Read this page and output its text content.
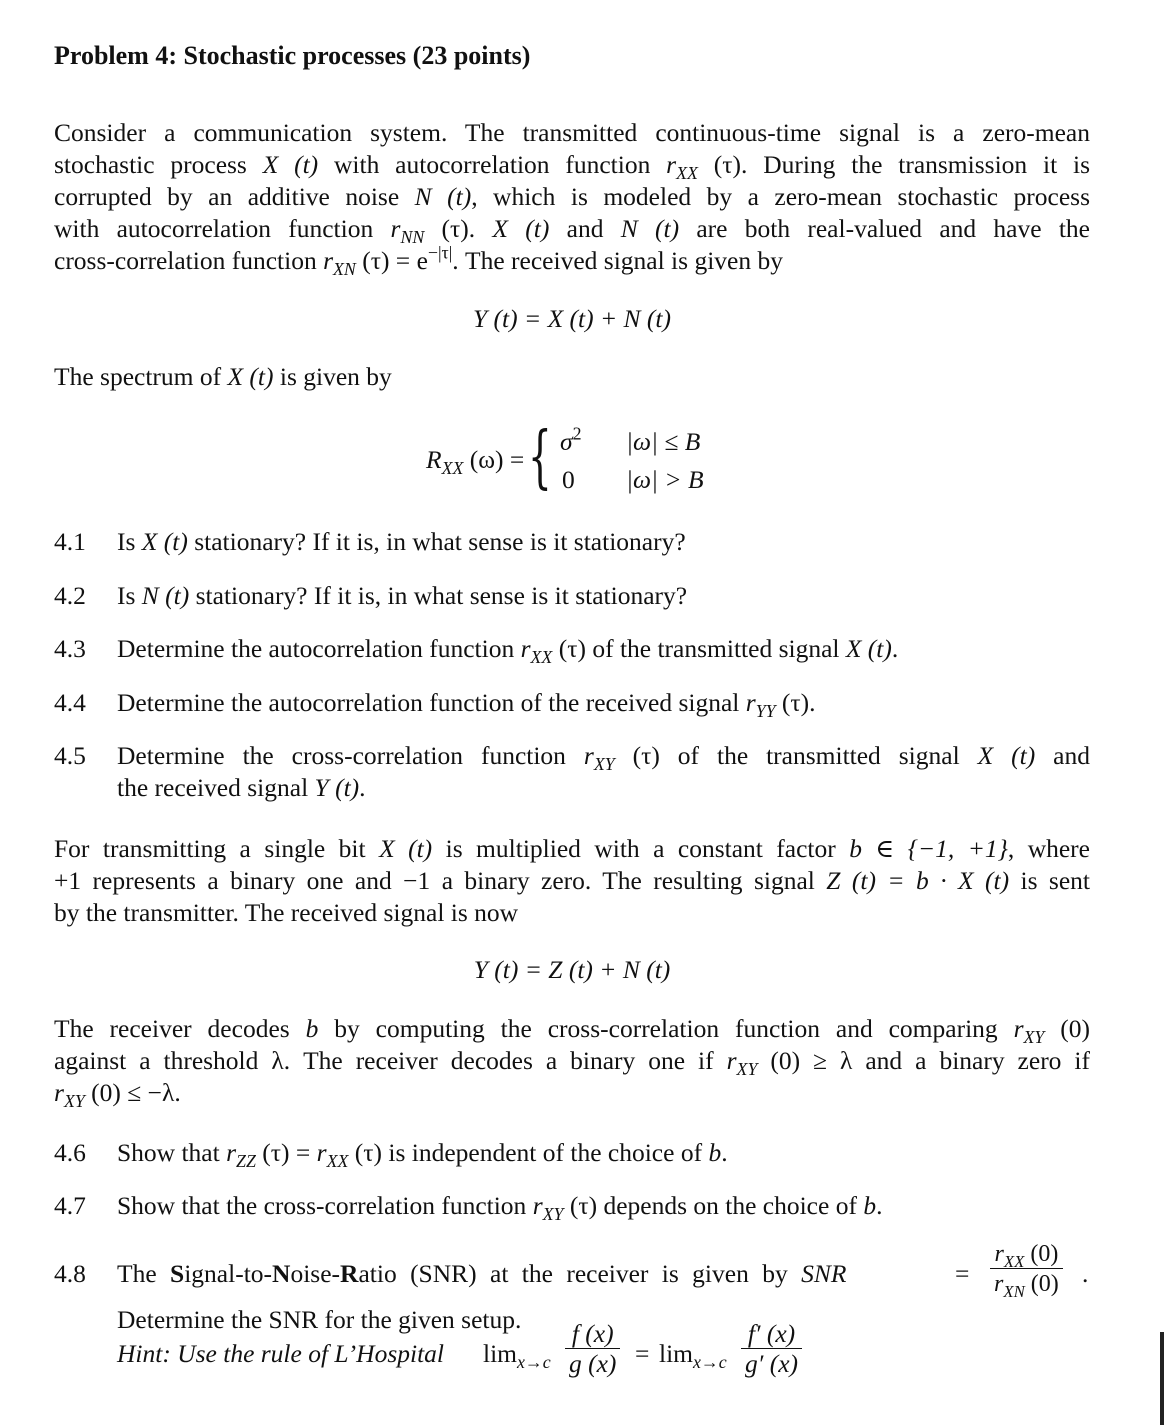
Problem 4: Stochastic processes (23 points)
Consider a communication system. The transmitted continuous-time signal is a zero-mean
stochastic process X (t) with autocorrelation function $r_{XX}$ (τ). During the transmission it is
corrupted by an additive noise N (t), which is modeled by a zero-mean stochastic process
with autocorrelation function $r_{NN}$ (τ). X (t) and N (t) are both real-valued and have the
cross-correlation function $r_{XN}$ $(\tau) = e^{-|\tau|}$. The received signal is given by
Y (t) = X (t) + N (t)
The spectrum of X (t) is given by
$R_{XX}$ (ω) = { $\sigma^2$ |ω| ≤ B
0 |ω| > B
4.1	Is X (t) stationary? If it is, in what sense is it stationary?
4.2	Is N (t) stationary? If it is, in what sense is it stationary?
4.3	Determine the autocorrelation function $r_{XX}$ (τ) of the transmitted signal X (t).
4.4	Determine the autocorrelation function of the received signal $r_{YY}$ (τ).
4.5	Determine the cross-correlation function $r_{XY}$ (τ) of the transmitted signal X (t) and
the received signal Y (t).
For transmitting a single bit X (t) is multiplied with a constant factor b ∈ {−1, +1}, where
+1 represents a binary one and −1 a binary zero. The resulting signal Z (t) = b · X (t) is sent
by the transmitter. The received signal is now
Y (t) = Z (t) + N (t)
The receiver decodes b by computing the cross-correlation function and comparing $r_{XY}$ (0)
against a threshold λ. The receiver decodes a binary one if $r_{XY}$ (0) ≥ λ and a binary zero if
$r_{XY}$ (0) ≤ −λ.
4.6	Show that $r_{ZZ}$ $(\tau) = r_{XX}$ (τ) is independent of the choice of b.
4.7	Show that the cross-correlation function $r_{XY}$ (τ) depends on the choice of b.
4.8	The Signal-to-Noise-Ratio (SNR) at the receiver is given by SNR	=
$r_{XX}$ (0)
$r_{XN}$ (0) .
Determine the SNR for the given setup.
Hint: Use the rule of L’Hospital $\lim_{x\to c} \frac{f (x)}{g (x)} = \lim_{x\to c} \frac{f' (x)}{g' (x)}$
